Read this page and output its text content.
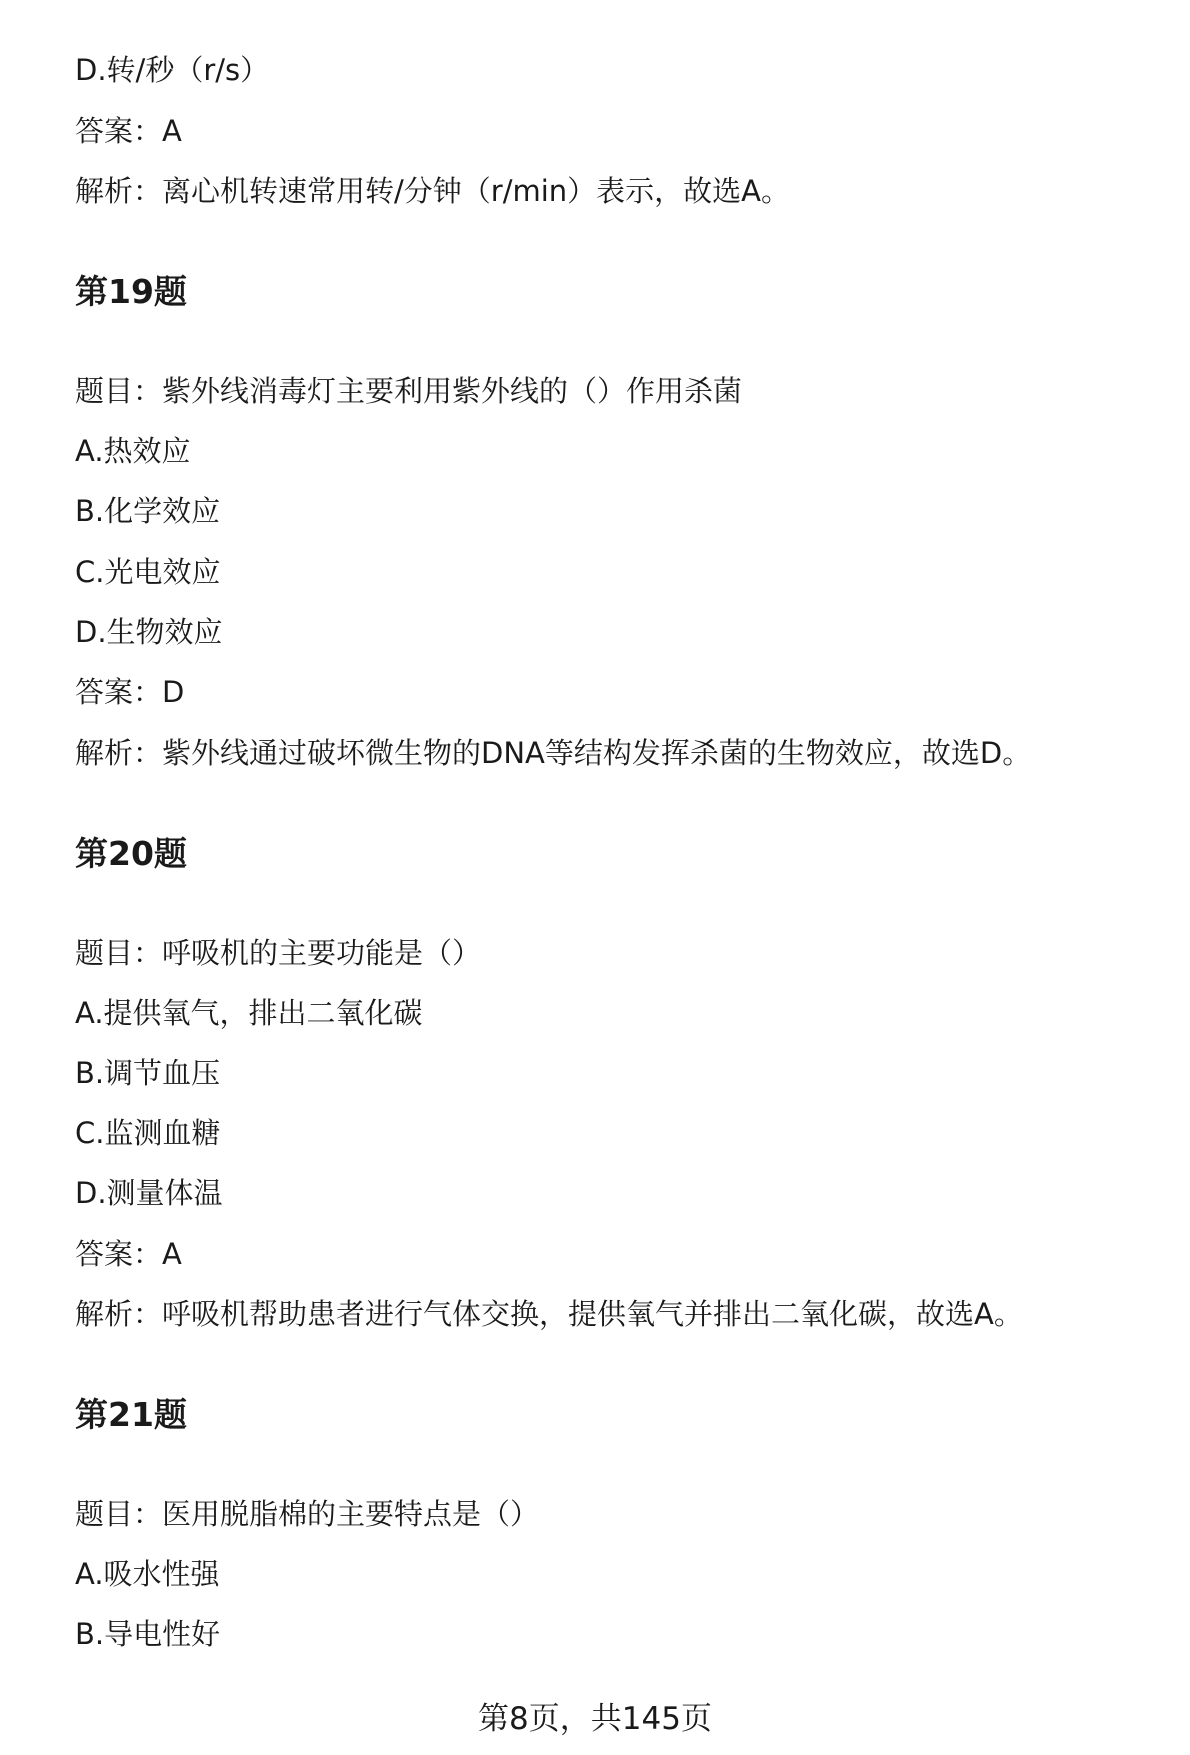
D.转/秒（r/s）

答案：A

解析：离心机转速常用转/分钟（r/min）表示，故选A。

第19题

题目：紫外线消毒灯主要利用紫外线的（）作用杀菌

A.热效应

B.化学效应

C.光电效应

D.生物效应

答案：D

解析：紫外线通过破坏微生物的DNA等结构发挥杀菌的生物效应，故选D。

第20题

题目：呼吸机的主要功能是（）

A.提供氧气，排出二氧化碳

B.调节血压

C.监测血糖

D.测量体温

答案：A

解析：呼吸机帮助患者进行气体交换，提供氧气并排出二氧化碳，故选A。

第21题

题目：医用脱脂棉的主要特点是（）

A.吸水性强

B.导电性好

第8页，共145页
